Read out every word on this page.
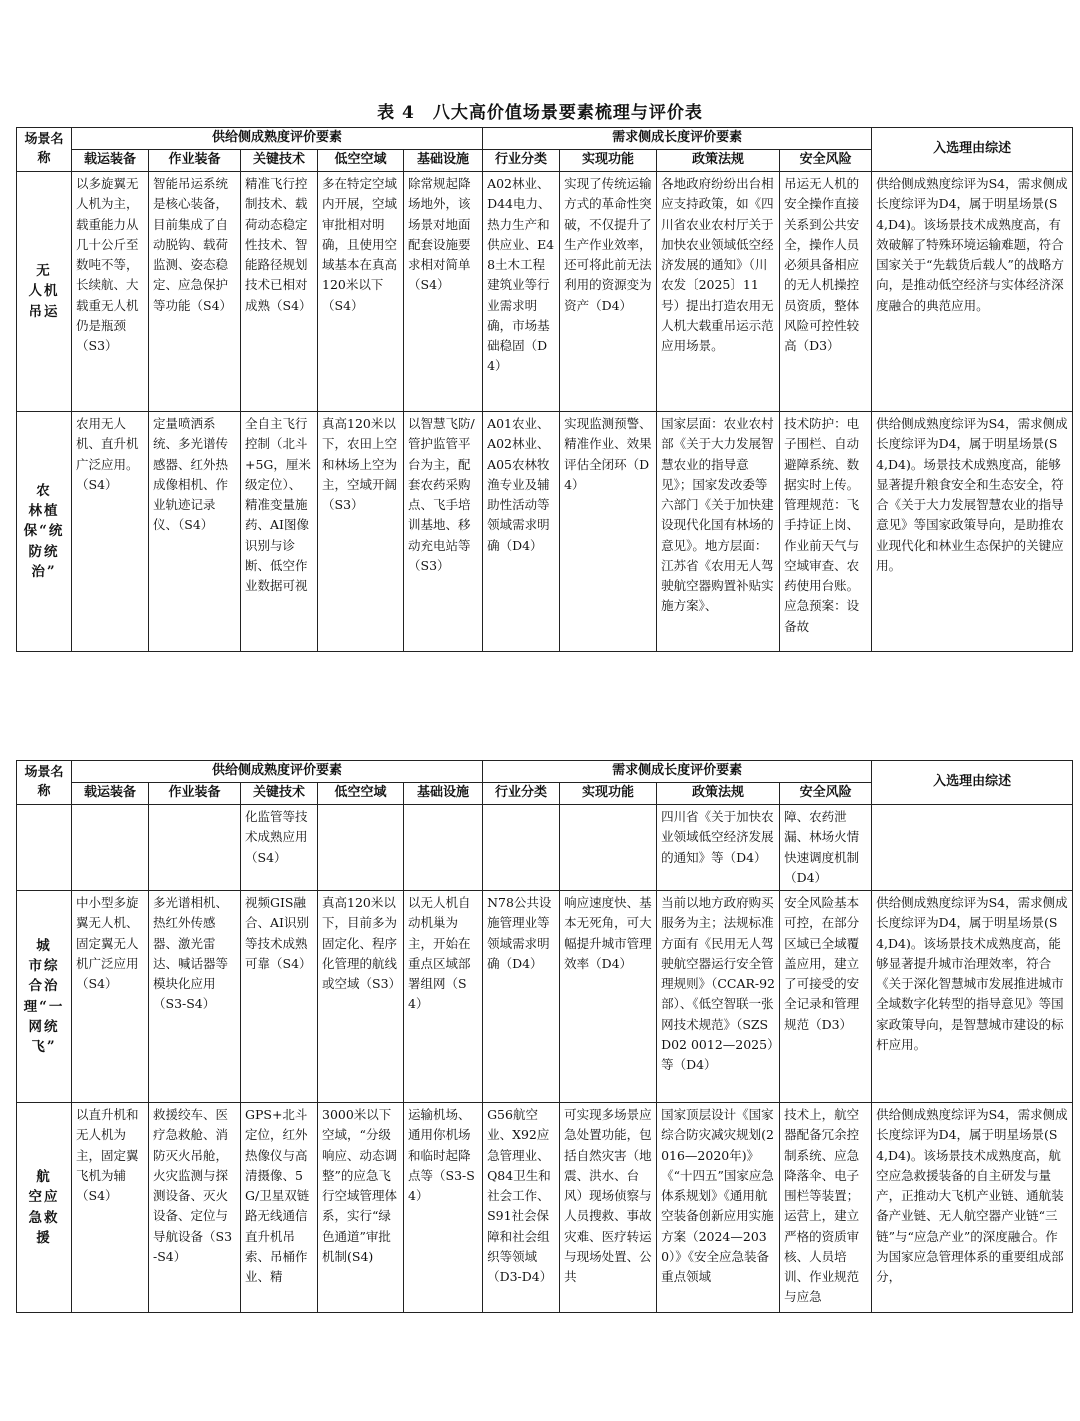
表 4　八大高价值场景要素梳理与评价表
场景名称	供给侧成熟度评价要素					需求侧成长度评价要素				入选理由综述
	载运装备	作业装备	关键技术	低空空域	基础设施	行业分类	实现功能	政策法规	安全风险	
无　人机　吊运	以多旋翼无人机为主，载重能力从几十公斤至数吨不等，长续航、大载重无人机仍是瓶颈（S3）	智能吊运系统是核心装备，目前集成了自动脱钩、载荷监测、姿态稳定、应急保护等功能（S4）	精准飞行控制技术、载荷动态稳定性技术、智能路径规划技术已相对成熟（S4）	多在特定空域内开展，空域审批相对明确，且使用空域基本在真高120米以下（S4）	除常规起降场地外，该场景对地面配套设施要求相对简单（S4）	A02林业、D44电力、热力生产和供应业、E48土木工程建筑业等行业需求明确，市场基础稳固（D4）	实现了传统运输方式的革命性突破，不仅提升了生产作业效率，还可将此前无法利用的资源变为资产（D4）	各地政府纷纷出台相应支持政策，如《四川省农业农村厅关于加快农业领域低空经济发展的通知》（川农发〔2025〕11号）提出打造农用无人机大载重吊运示范应用场景。	吊运无人机的安全操作直接关系到公共安全，操作人员必须具备相应的无人机操控员资质，整体风险可控性较高（D3）	供给侧成熟度综评为S4，需求侧成长度综评为D4，属于明星场景(S4,D4)。该场景技术成熟度高，有效破解了特殊环境运输难题，符合国家关于“先载货后载人”的战略方向，是推动低空经济与实体经济深度融合的典范应用。

农　林植保“统防统治”	农用无人机、直升机广泛应用。（S4）	定量喷洒系统、多光谱传感器、红外热成像相机、作业轨迹记录仪、（S4）	全自主飞行控制（北斗+5G，厘米级定位）、精准变量施药、AI图像识别与诊断、低空作业数据可视	真高120米以下，农田上空和林场上空为主，空域开阔（S3）	以智慧飞防/管护监管平台为主，配套农药采购点、飞手培训基地、移动充电站等（S3）	A01农业、A02林业、A05农林牧渔专业及辅助性活动等领域需求明确（D4）	实现监测预警、精准作业、效果评估全闭环（D4）	国家层面：农业农村部《关于大力发展智慧农业的指导意见》；国家发改委等六部门《关于加快建设现代化国有林场的意见》。地方层面：江苏省《农用无人驾驶航空器购置补贴实施方案》、	技术防护：电子围栏、自动避障系统、数据实时上传。管理规范：飞手持证上岗、作业前天气与空域审查、农药使用台账。应急预案：设备故	供给侧成熟度综评为S4，需求侧成长度综评为D4，属于明星场景(S4,D4)。场景技术成熟度高，能够显著提升粮食安全和生态安全，符合《关于大力发展智慧农业的指导意见》等国家政策导向，是助推农业现代化和林业生态保护的关键应用。
场景名称	供给侧成熟度评价要素					需求侧成长度评价要素				入选理由综述
	载运装备	作业装备	关键技术	低空空域	基础设施	行业分类	实现功能	政策法规	安全风险	

			化监管等技术成熟应用（S4）					四川省《关于加快农业领域低空经济发展的通知》等（D4）	障、农药泄漏、林场火情快速调度机制（D4）	

城　市综合治理“一网统飞”	中小型多旋翼无人机、固定翼无人机广泛应用（S4）	多光谱相机、热红外传感器、激光雷达、喊话器等模块化应用（S3-S4）	视频GIS融合、AI识别等技术成熟可靠（S4）	真高120米以下，目前多为固定化、程序化管理的航线或空域（S3）	以无人机自动机巢为主，开始在重点区域部署组网（S4）	N78公共设施管理业等领域需求明确（D4）	响应速度快、基本无死角，可大幅提升城市管理效率（D4）	当前以地方政府购买服务为主；法规标准方面有《民用无人驾驶航空器运行安全管理规则》（CCAR-92部）、《低空智联一张网技术规范》（SZSD02 0012—2025）等（D4）	安全风险基本可控，在部分区域已全域覆盖应用，建立了可接受的安全记录和管理规范（D3）	供给侧成熟度综评为S4，需求侧成长度综评为D4，属于明星场景(S4,D4)。该场景技术成熟度高，能够显著提升城市治理效率，符合《关于深化智慧城市发展推进城市全域数字化转型的指导意见》等国家政策导向，是智慧城市建设的标杆应用。

航　空应　急救　援	以直升机和无人机为主，固定翼飞机为辅（S4）	救援绞车、医疗急救舱、消防灭火吊舱，火灾监测与探测设备、灭火设备、定位与导航设备（S3-S4）	GPS+北斗定位，红外热像仪与高清摄像、5G/卫星双链路无线通信直升机吊索、吊桶作业、精	3000米以下空域，“分级响应、动态调整”的应急飞行空域管理体系，实行“绿色通道”审批机制(S4)	运输机场、通用你机场和临时起降点等（S3-S4）	G56航空业、X92应急管理业、Q84卫生和社会工作、S91社会保障和社会组织等领域（D3-D4）	可实现多场景应急处置功能，包括自然灾害（地震、洪水、台风）现场侦察与人员搜救、事故灾难、医疗转运与现场处置、公共	国家顶层设计《国家综合防灾减灾规划(2016—2020年)》《“十四五”国家应急体系规划》《通用航空装备创新应用实施方案（2024—2030）》《安全应急装备重点领域	技术上，航空器配备冗余控制系统、应急降落伞、电子围栏等装置；运营上，建立严格的资质审核、人员培训、作业规范与应急	供给侧成熟度综评为S4，需求侧成长度综评为D4，属于明星场景(S4,D4)。该场景技术成熟度高，航空应急救援装备的自主研发与量产，正推动大飞机产业链、通航装备产业链、无人航空器产业链“三链”与“应急产业”的深度融合。作为国家应急管理体系的重要组成部分，
